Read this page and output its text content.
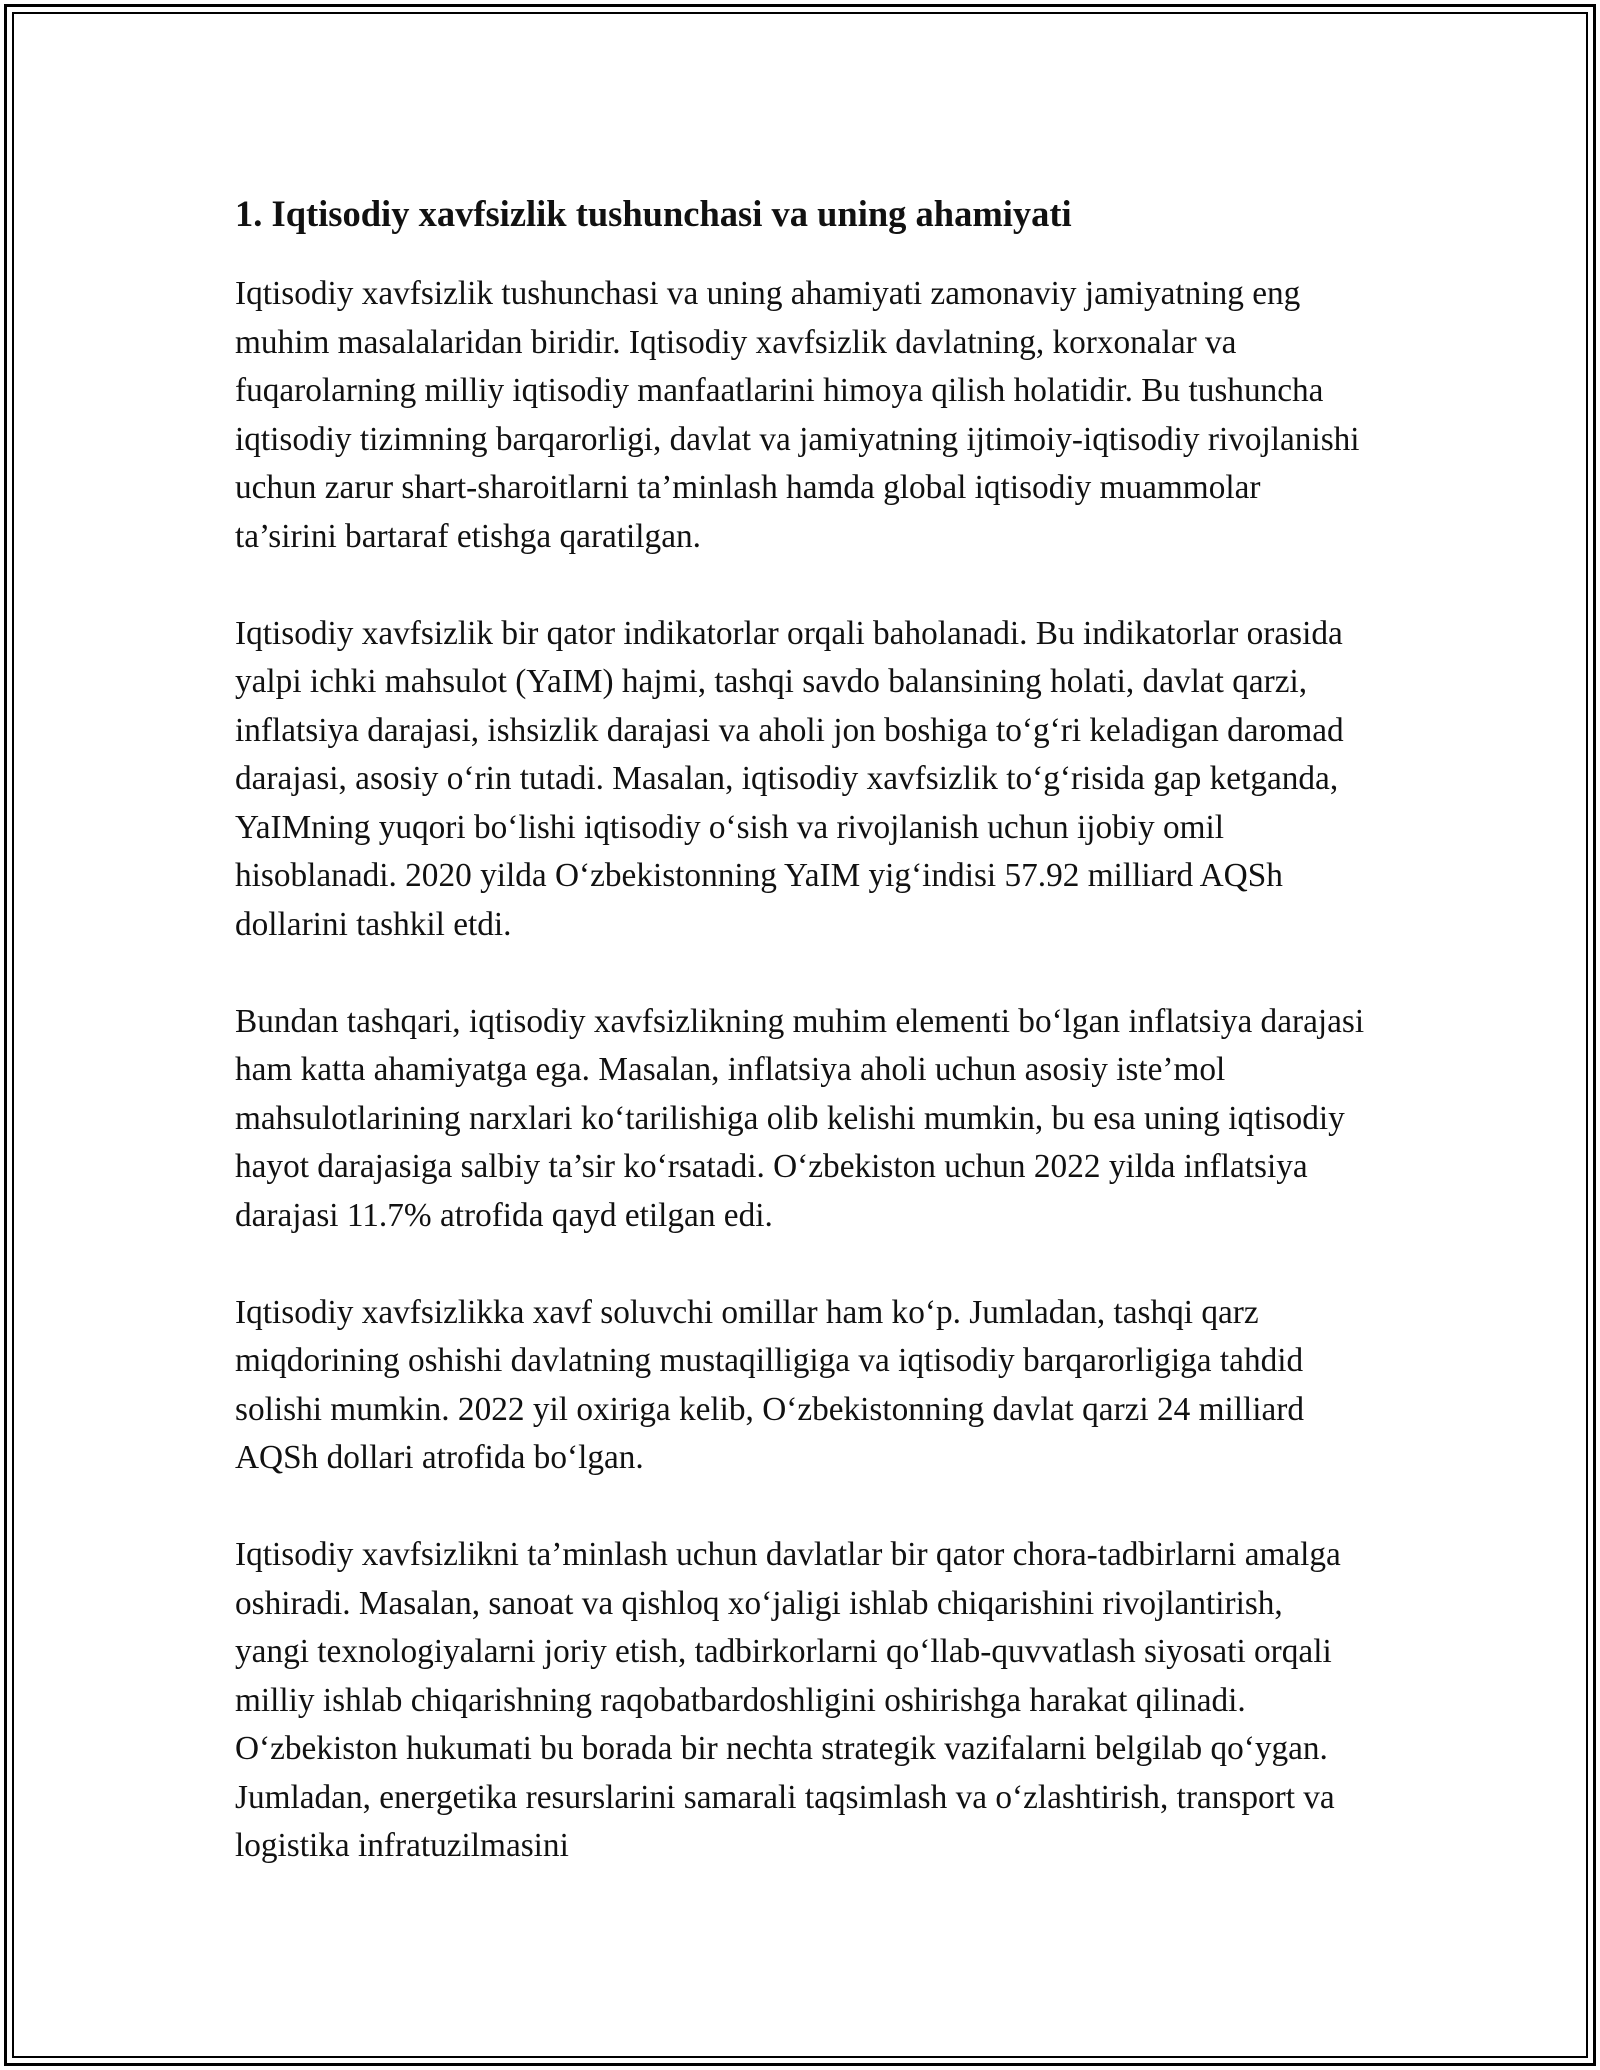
1. Iqtisodiy xavfsizlik tushunchasi va uning ahamiyati

Iqtisodiy xavfsizlik tushunchasi va uning ahamiyati zamonaviy jamiyatning eng muhim masalalaridan biridir. Iqtisodiy xavfsizlik davlatning, korxonalar va fuqarolarning milliy iqtisodiy manfaatlarini himoya qilish holatidir. Bu tushuncha iqtisodiy tizimning barqarorligi, davlat va jamiyatning ijtimoiy-iqtisodiy rivojlanishi uchun zarur shart-sharoitlarni ta’minlash hamda global iqtisodiy muammolar ta’sirini bartaraf etishga qaratilgan.

Iqtisodiy xavfsizlik bir qator indikatorlar orqali baholanadi. Bu indikatorlar orasida yalpi ichki mahsulot (YaIM) hajmi, tashqi savdo balansining holati, davlat qarzi, inflatsiya darajasi, ishsizlik darajasi va aholi jon boshiga to‘g‘ri keladigan daromad darajasi, asosiy o‘rin tutadi. Masalan, iqtisodiy xavfsizlik to‘g‘risida gap ketganda, YaIMning yuqori bo‘lishi iqtisodiy o‘sish va rivojlanish uchun ijobiy omil hisoblanadi. 2020 yilda O‘zbekistonning YaIM yig‘indisi 57.92 milliard AQSh dollarini tashkil etdi.

Bundan tashqari, iqtisodiy xavfsizlikning muhim elementi bo‘lgan inflatsiya darajasi ham katta ahamiyatga ega. Masalan, inflatsiya aholi uchun asosiy iste’mol mahsulotlarining narxlari ko‘tarilishiga olib kelishi mumkin, bu esa uning iqtisodiy hayot darajasiga salbiy ta’sir ko‘rsatadi. O‘zbekiston uchun 2022 yilda inflatsiya darajasi 11.7% atrofida qayd etilgan edi.

Iqtisodiy xavfsizlikka xavf soluvchi omillar ham ko‘p. Jumladan, tashqi qarz miqdorining oshishi davlatning mustaqilligiga va iqtisodiy barqarorligiga tahdid solishi mumkin. 2022 yil oxiriga kelib, O‘zbekistonning davlat qarzi 24 milliard AQSh dollari atrofida bo‘lgan.

Iqtisodiy xavfsizlikni ta’minlash uchun davlatlar bir qator chora-tadbirlarni amalga oshiradi. Masalan, sanoat va qishloq xo‘jaligi ishlab chiqarishini rivojlantirish, yangi texnologiyalarni joriy etish, tadbirkorlarni qo‘llab-quvvatlash siyosati orqali milliy ishlab chiqarishning raqobatbardoshligini oshirishga harakat qilinadi. O‘zbekiston hukumati bu borada bir nechta strategik vazifalarni belgilab qo‘ygan. Jumladan, energetika resurslarini samarali taqsimlash va o‘zlashtirish, transport va logistika infratuzilmasini
